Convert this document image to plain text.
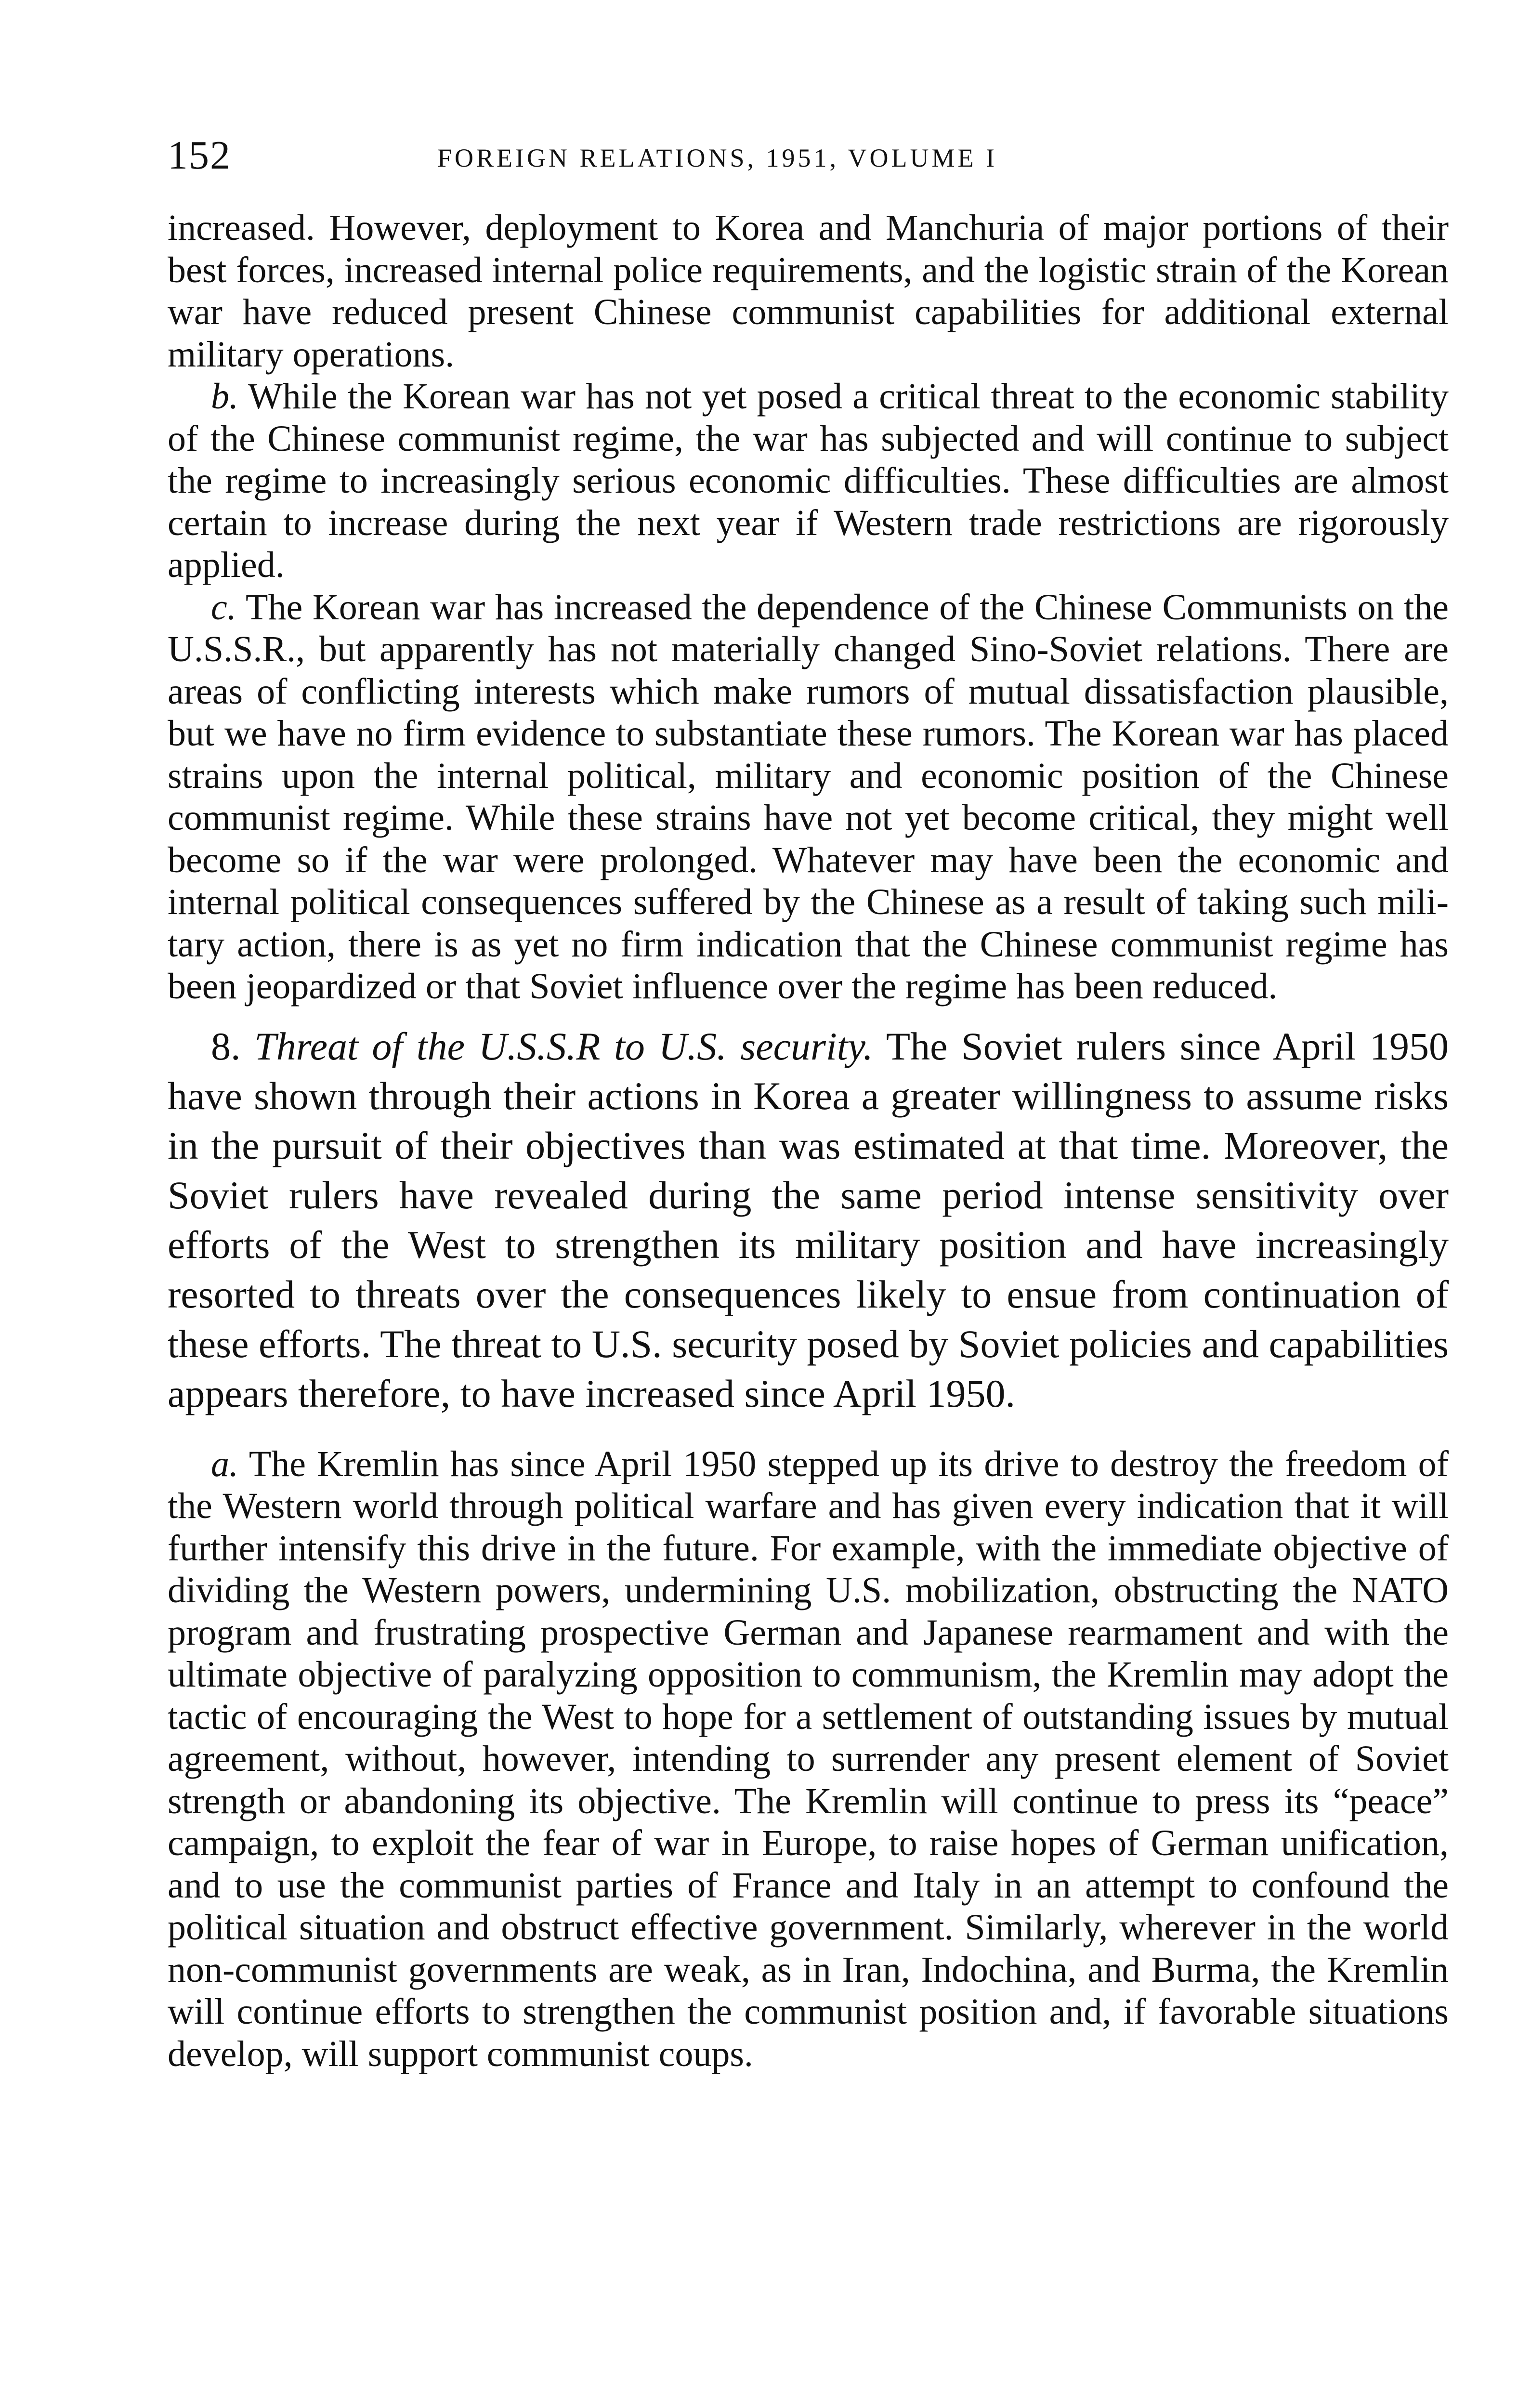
152	FOREIGN RELATIONS, 1951, VOLUME I

increased. However, deployment to Korea and Manchuria of major portions of their best forces, increased internal police requirements, and the logistic strain of the Korean war have reduced present Chinese communist capabilities for additional external military operations.

b. While the Korean war has not yet posed a critical threat to the economic stability of the Chinese communist regime, the war has subjected and will continue to subject the regime to increasingly serious economic difficulties. These difficulties are almost certain to increase during the next year if Western trade restrictions are rigorously applied.

c. The Korean war has increased the dependence of the Chinese Communists on the U.S.S.R., but apparently has not materially changed Sino-Soviet relations. There are areas of conflicting interests which make rumors of mutual dissatisfaction plausible, but we have no firm evidence to substantiate these rumors. The Korean war has placed strains upon the internal political, military and economic position of the Chinese communist regime. While these strains have not yet become critical, they might well become so if the war were prolonged. Whatever may have been the economic and internal political consequences suffered by the Chinese as a result of taking such military action, there is as yet no firm indication that the Chinese communist regime has been jeopardized or that Soviet influence over the regime has been reduced.

8. Threat of the U.S.S.R to U.S. security. The Soviet rulers since April 1950 have shown through their actions in Korea a greater willingness to assume risks in the pursuit of their objectives than was estimated at that time. Moreover, the Soviet rulers have revealed during the same period intense sensitivity over efforts of the West to strengthen its military position and have increasingly resorted to threats over the consequences likely to ensue from continuation of these efforts. The threat to U.S. security posed by Soviet policies and capabilities appears therefore, to have increased since April 1950.

a. The Kremlin has since April 1950 stepped up its drive to destroy the freedom of the Western world through political warfare and has given every indication that it will further intensify this drive in the future. For example, with the immediate objective of dividing the Western powers, undermining U.S. mobilization, obstructing the NATO program and frustrating prospective German and Japanese rearmament and with the ultimate objective of paralyzing opposition to communism, the Kremlin may adopt the tactic of encouraging the West to hope for a settlement of outstanding issues by mutual agreement, without, however, intending to surrender any present element of Soviet strength or abandoning its objective. The Kremlin will continue to press its “peace” campaign, to exploit the fear of war in Europe, to raise hopes of German unification, and to use the communist parties of France and Italy in an attempt to confound the political situation and obstruct effective government. Similarly, wherever in the world non-communist governments are weak, as in Iran, Indochina, and Burma, the Kremlin will continue efforts to strengthen the communist position and, if favorable situations develop, will support communist coups.
